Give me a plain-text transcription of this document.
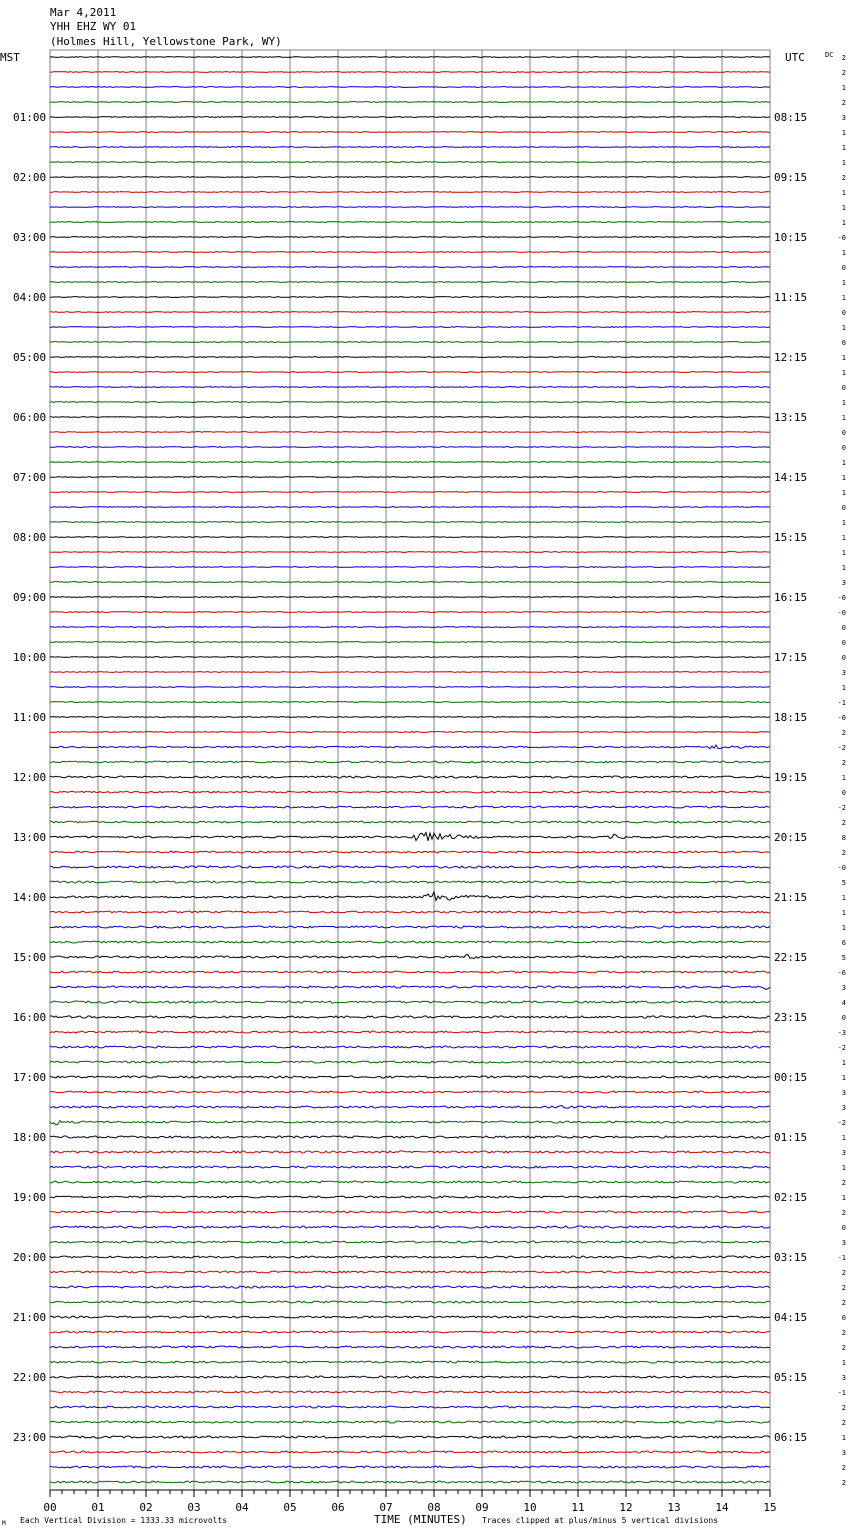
Mar 4,2011
YHH EHZ WY 01
(Holmes Hill, Yellowstone Park, WY)
MST	UTC	DC
01:00
02:00
03:00
04:00
05:00
06:00
07:00
08:00
09:00
10:00
11:00
12:00
13:00
14:00
15:00
16:00
17:00
18:00
19:00
20:00
21:00
22:00
23:00
08:15
09:15
10:15
11:15
12:15
13:15
14:15
15:15
16:15
17:15
18:15
19:15
20:15
21:15
22:15
23:15
00:15
01:15
02:15
03:15
04:15
05:15
06:15
2
2
1
2
3
1
1
1
2
1
1
1
-0
1
0
1
1
0
1
0
1
1
0
1
1
0
0
1
1
1
0
1
1
1
1
3
-0
-0
0
0
0
3
1
-1
-0
2
-2
2
1
0
-2
2
8
2
-0
5
1
1
1
6
5
-6
3
4
0
-3
-2
1
1
3
3
-2
1
3
1
2
1
2
0
3
-1
2
2
2
0
2
2
1
3
-1
2
2
1
3
2
2
00	01	02	03	04	05	06	07	08	09	10	11	12	13	14	15
M Each Vertical Division = 1333.33 microvolts	TIME (MINUTES) Traces clipped at plus/minus 5 vertical divisions
